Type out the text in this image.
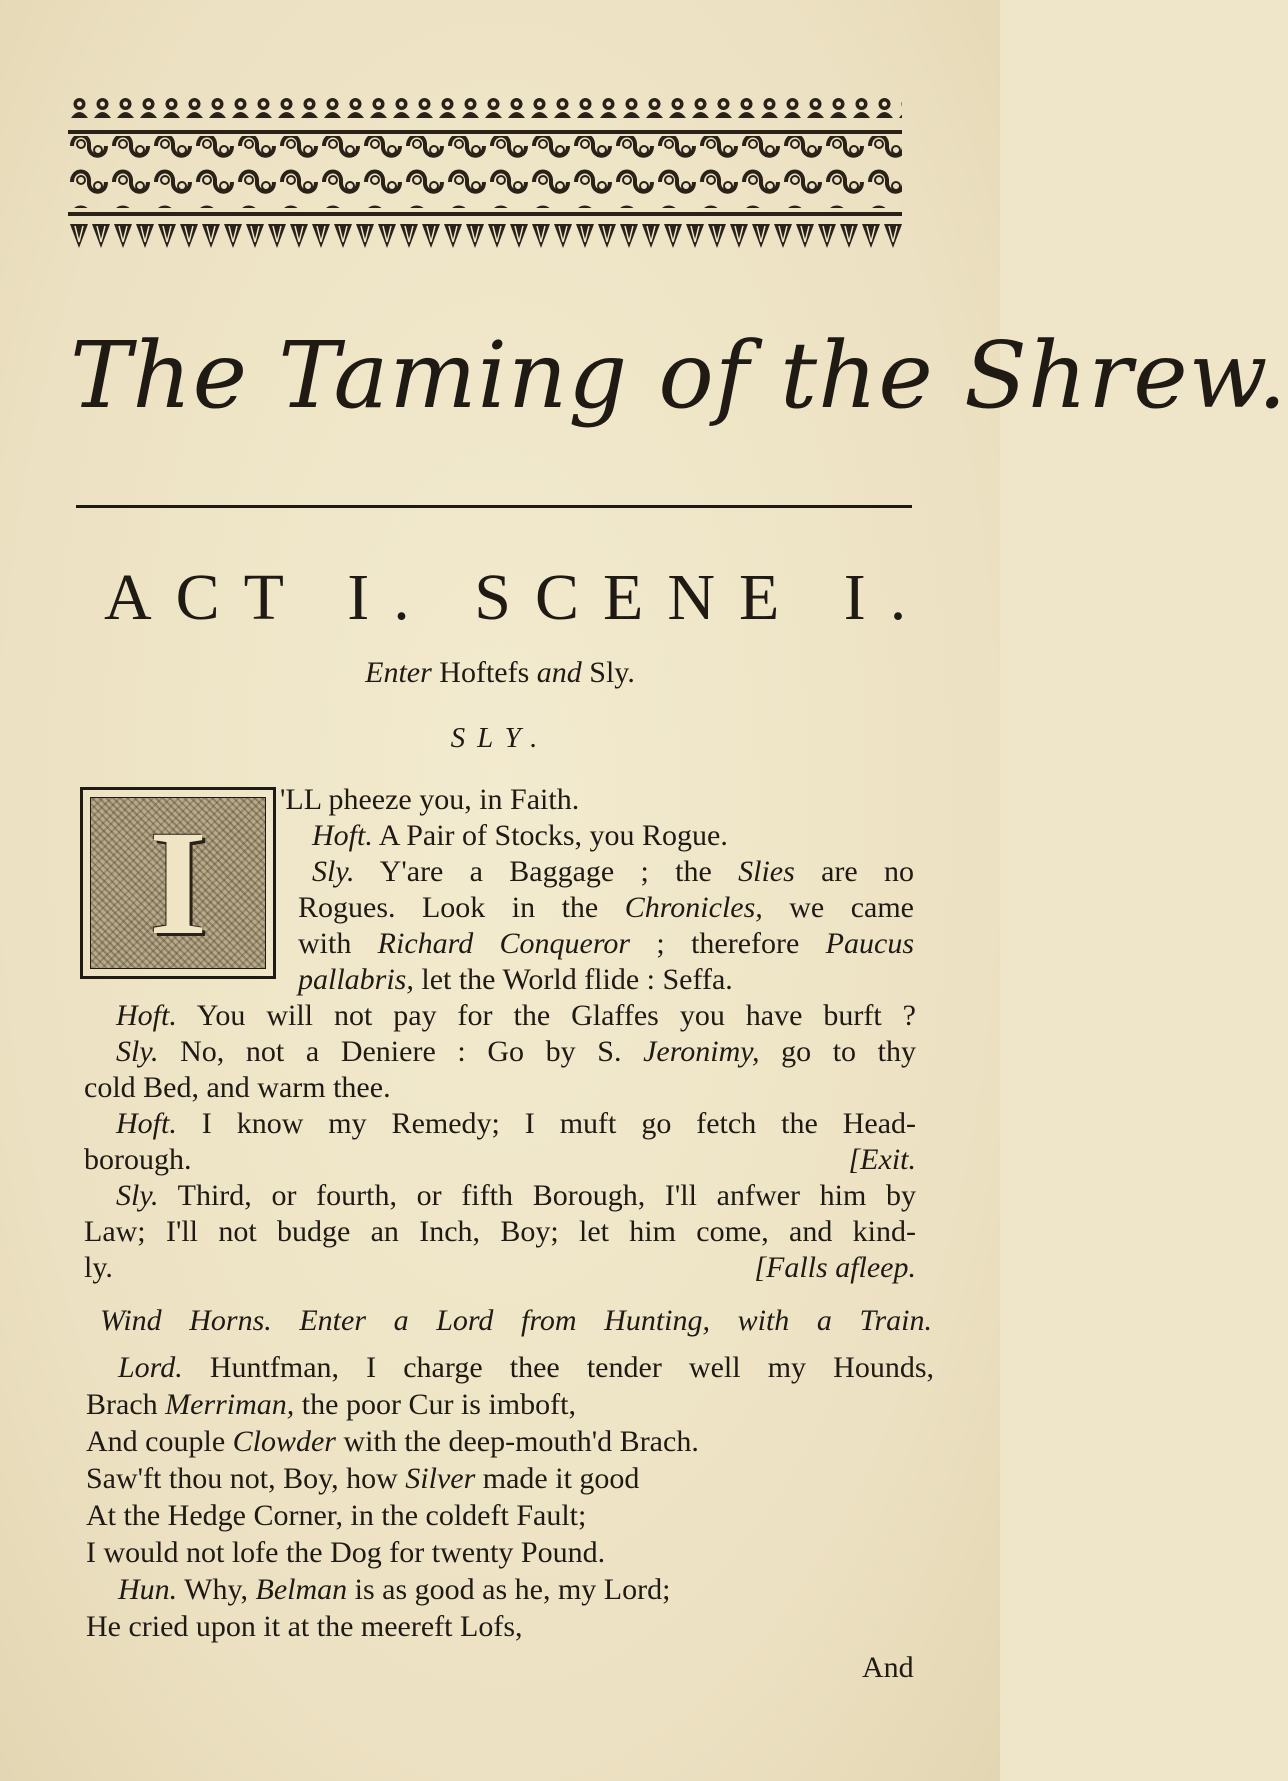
The Taming of the Shrew.
ACT I. SCENE I.
Enter Hoftefs and Sly.
SLY.
I
'LL pheeze you, in Faith.
Hoft. A Pair of Stocks, you Rogue.
Sly. Y'are a Baggage ; the Slies are no
Rogues. Look in the Chronicles, we came
with Richard Conqueror ; therefore Paucus
pallabris, let the World flide : Seffa.
Hoft. You will not pay for the Glaffes you have burft ?
Sly. No, not a Deniere : Go by S. Jeronimy, go to thy
cold Bed, and warm thee.
Hoft. I know my Remedy; I muft go fetch the Head-
borough.	[Exit.
Sly. Third, or fourth, or fifth Borough, I'll anfwer him by
Law; I'll not budge an Inch, Boy; let him come, and kind-
ly.	[Falls afleep.
Wind Horns. Enter a Lord from Hunting, with a Train.
Lord. Huntfman, I charge thee tender well my Hounds,
Brach Merriman, the poor Cur is imboft,
And couple Clowder with the deep-mouth'd Brach.
Saw'ft thou not, Boy, how Silver made it good
At the Hedge Corner, in the coldeft Fault;
I would not lofe the Dog for twenty Pound.
Hun. Why, Belman is as good as he, my Lord;
He cried upon it at the meereft Lofs,
And
